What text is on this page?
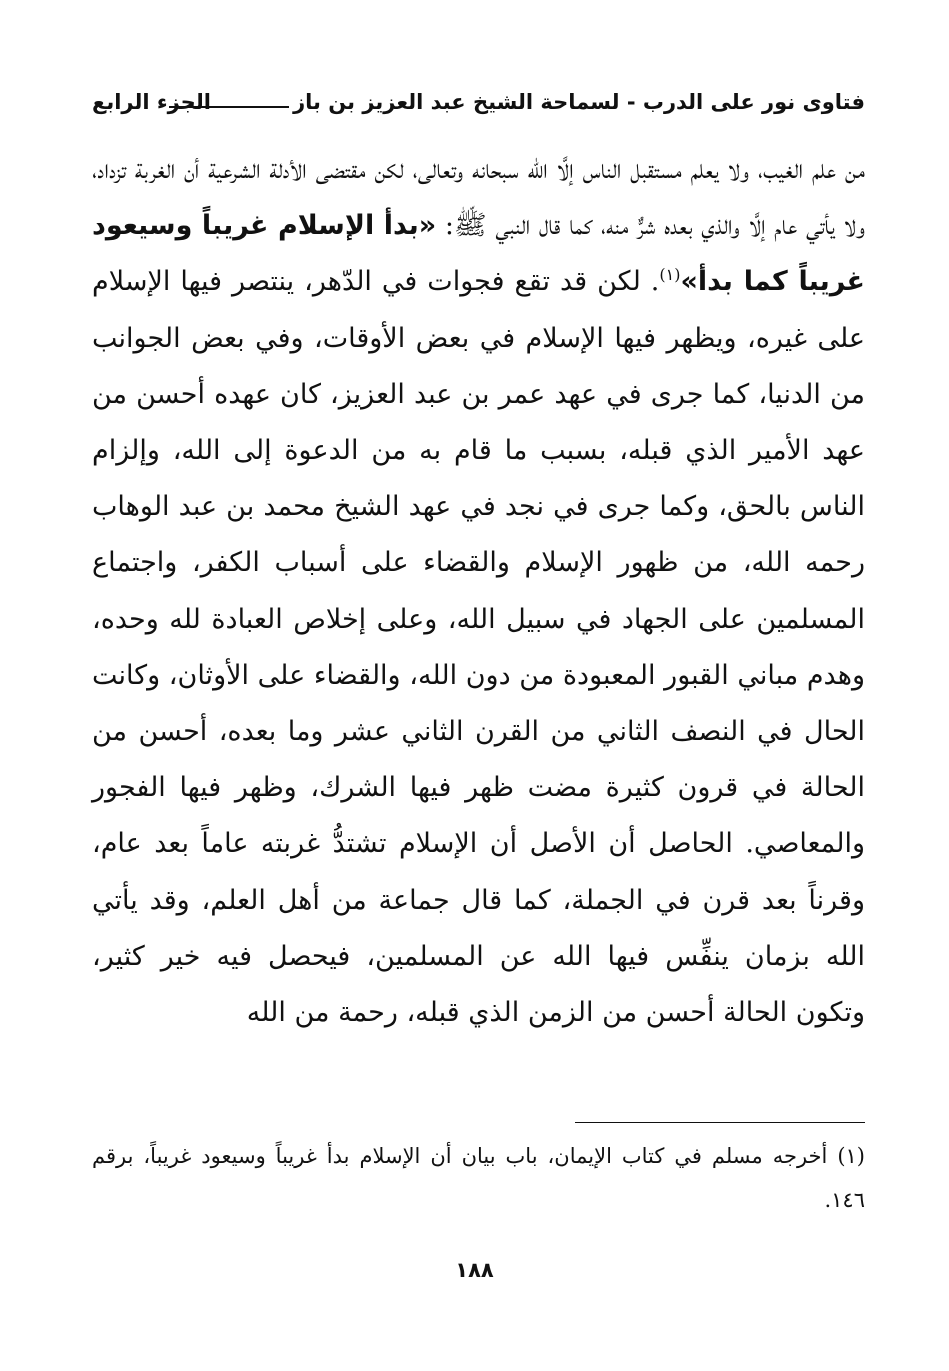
فتاوى نور على الدرب - لسماحة الشيخ عبد العزيز بن باز
الجزء الرابع

من علم الغيب، ولا يعلم مستقبل الناس إلَّا الله سبحانه وتعالى، لكن مقتضى الأدلة الشرعية أن الغربة تزداد، ولا يأتي عام إلَّا والذي بعده شرٌّ منه، كما قال النبي ﷺ: «بدأ الإسلام غريباً وسيعود غريباً كما بدأ»$^{(١)}$. لكن قد تقع فجوات في الدّهر، ينتصر فيها الإسلام على غيره، ويظهر فيها الإسلام في بعض الأوقات، وفي بعض الجوانب من الدنيا، كما جرى في عهد عمر بن عبد العزيز، كان عهده أحسن من عهد الأمير الذي قبله، بسبب ما قام به من الدعوة إلى الله، وإلزام الناس بالحق، وكما جرى في نجد في عهد الشيخ محمد بن عبد الوهاب رحمه الله، من ظهور الإسلام والقضاء على أسباب الكفر، واجتماع المسلمين على الجهاد في سبيل الله، وعلى إخلاص العبادة لله وحده، وهدم مباني القبور المعبودة من دون الله، والقضاء على الأوثان، وكانت الحال في النصف الثاني من القرن الثاني عشر وما بعده، أحسن من الحالة في قرون كثيرة مضت ظهر فيها الشرك، وظهر فيها الفجور والمعاصي. الحاصل أن الأصل أن الإسلام تشتدُّ غربته عاماً بعد عام، وقرناً بعد قرن في الجملة، كما قال جماعة من أهل العلم، وقد يأتي الله بزمان ينفِّس فيها الله عن المسلمين، فيحصل فيه خير كثير، وتكون الحالة أحسن من الزمن الذي قبله، رحمة من الله

(١) أخرجه مسلم في كتاب الإيمان، باب بيان أن الإسلام بدأ غريباً وسيعود غريباً، برقم ١٤٦.

١٨٨
